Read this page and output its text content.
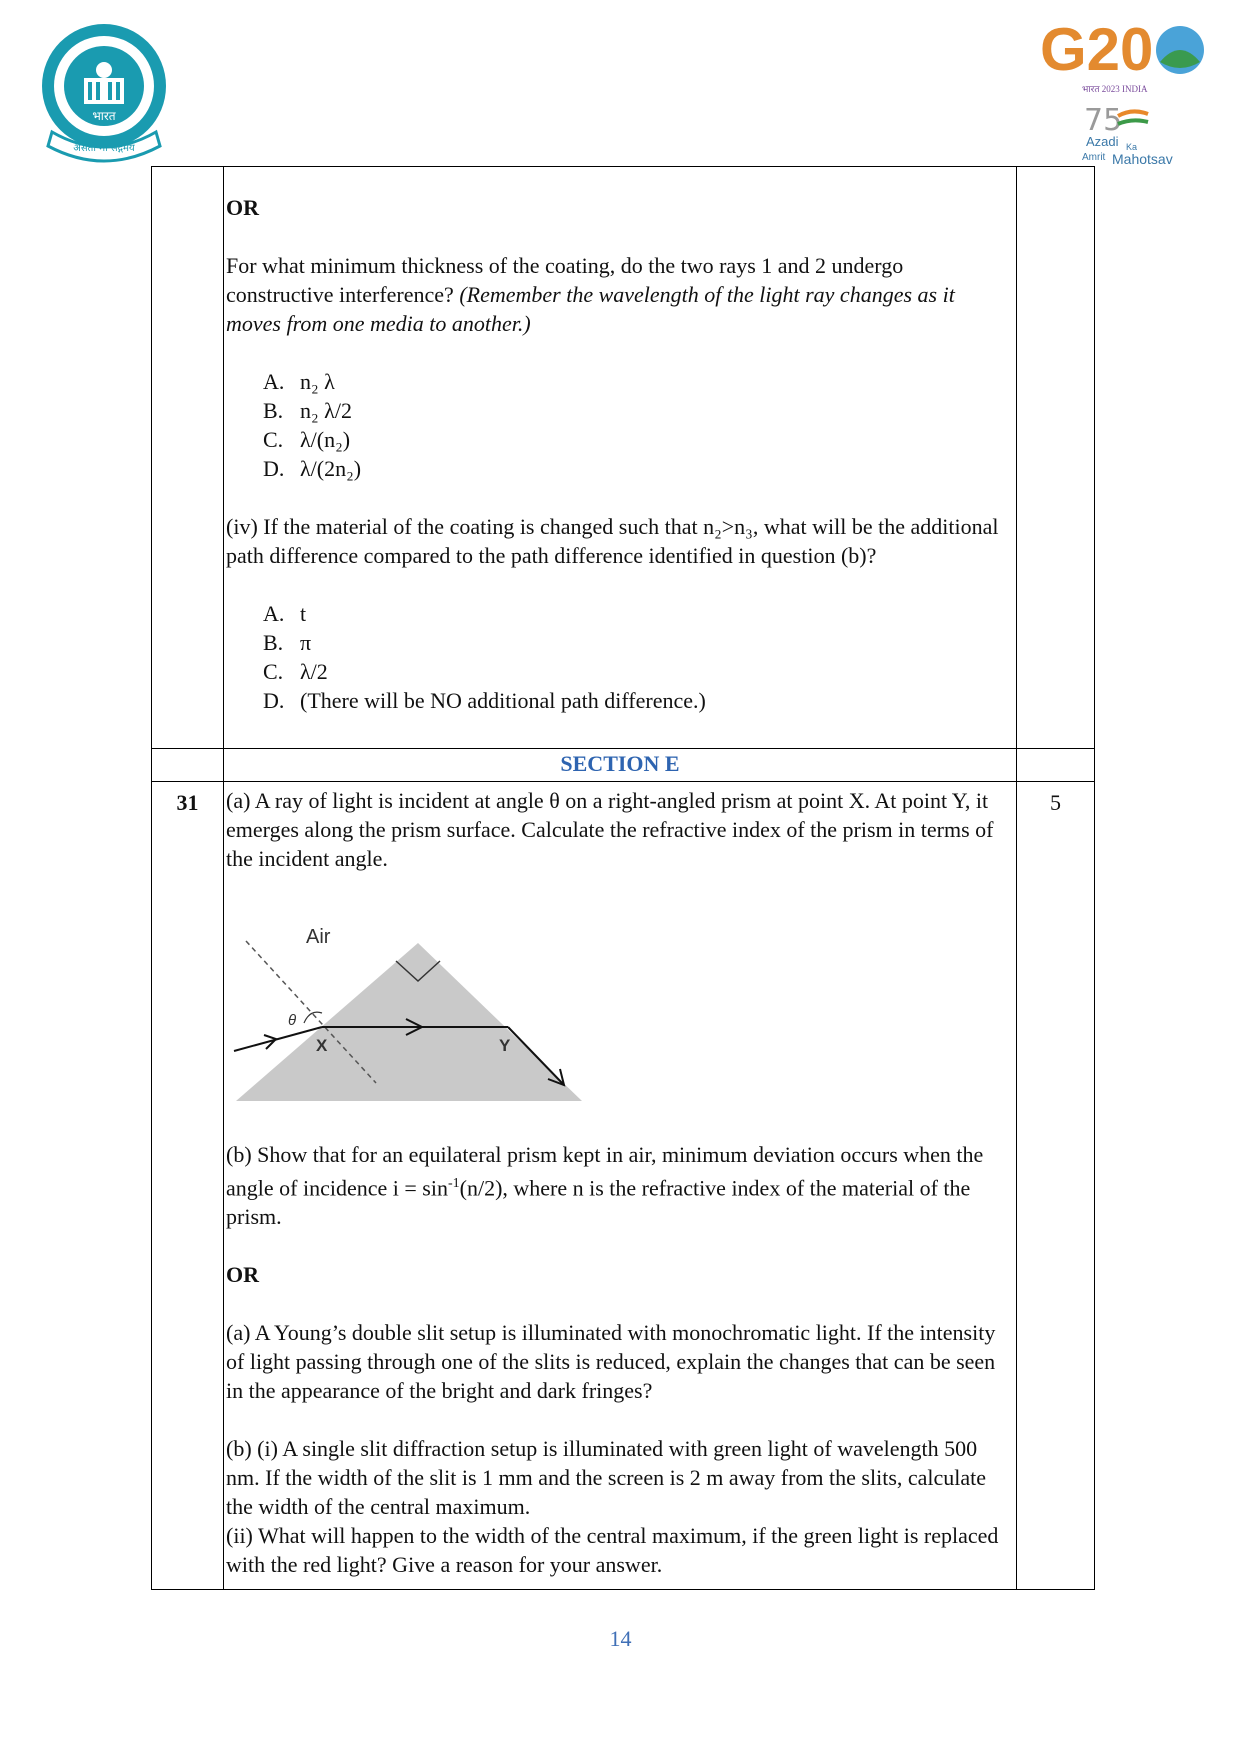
भारत
असतो मा सद्गमय
G20
भारत 2023 INDIA
75
Azadi Ka
Amrit Mahotsav

OR

For what minimum thickness of the coating, do the two rays 1 and 2 undergo constructive interference? (Remember the wavelength of the light ray changes as it moves from one media to another.)

A. n₂ λ
B. n₂ λ/2
C. λ/(n₂)
D. λ/(2n₂)

(iv) If the material of the coating is changed such that n₂>n₃, what will be the additional path difference compared to the path difference identified in question (b)?

A. t
B. π
C. λ/2
D. (There will be NO additional path difference.)
SECTION E
31	(a) A ray of light is incident at angle θ on a right-angled prism at point X. At point Y, it emerges along the prism surface. Calculate the refractive index of the prism in terms of the incident angle.

Air
θ
X	Y

(b) Show that for an equilateral prism kept in air, minimum deviation occurs when the angle of incidence $i = \sin^{-1}(n/2)$, where n is the refractive index of the material of the prism.

OR

(a) A Young’s double slit setup is illuminated with monochromatic light. If the intensity of light passing through one of the slits is reduced, explain the changes that can be seen in the appearance of the bright and dark fringes?

(b) (i) A single slit diffraction setup is illuminated with green light of wavelength 500 nm. If the width of the slit is 1 mm and the screen is 2 m away from the slits, calculate the width of the central maximum.

(ii) What will happen to the width of the central maximum, if the green light is replaced with the red light? Give a reason for your answer.

5
14
